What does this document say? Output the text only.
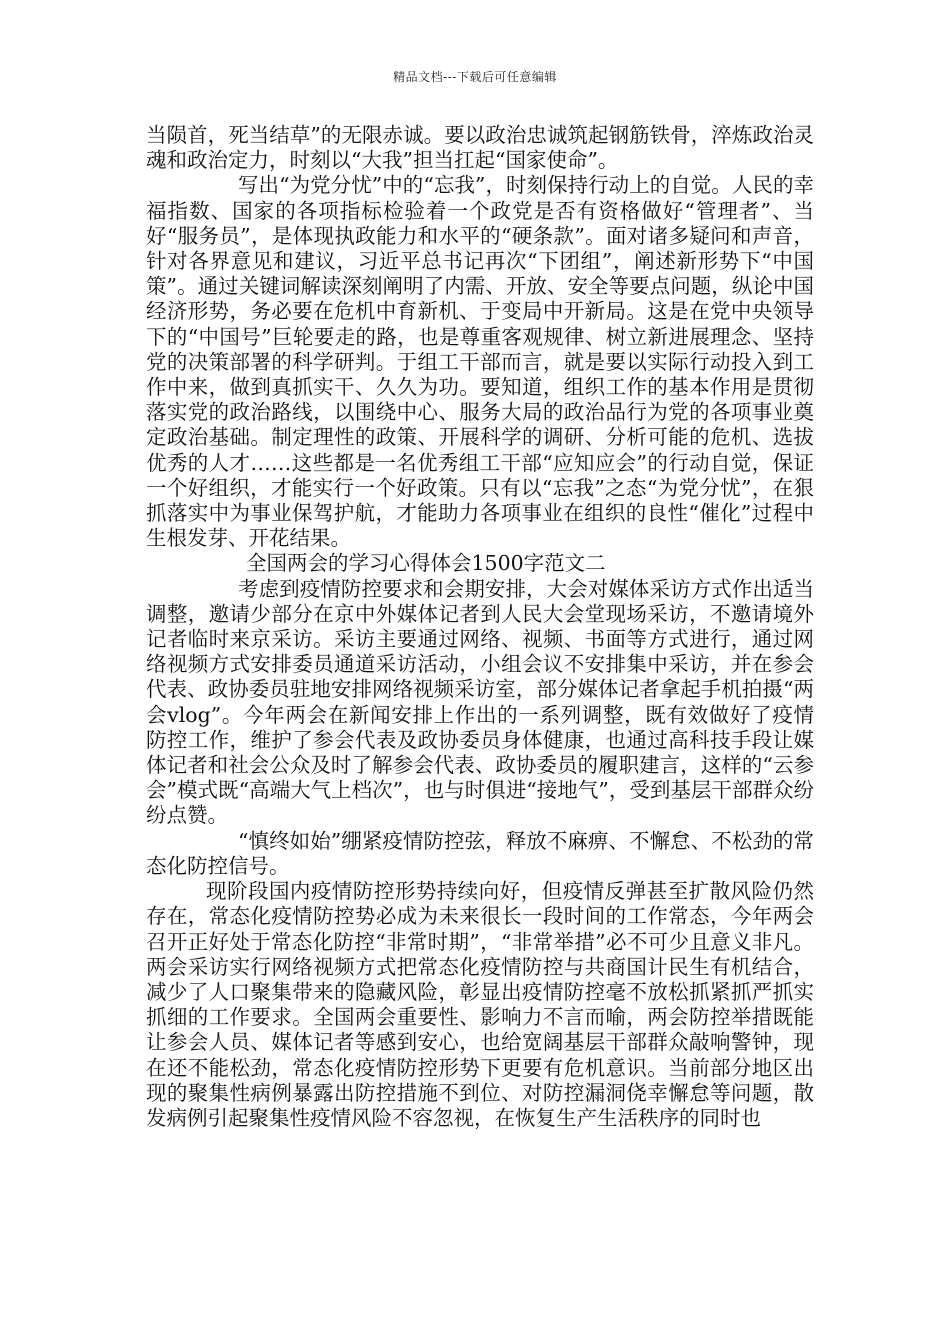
精品文档---下载后可任意编辑

当陨首，死当结草”的无限赤诚。要以政治忠诚筑起钢筋铁骨，淬炼政治灵魂和政治定力，时刻以“大我”担当扛起“国家使命”。

写出“为党分忧”中的“忘我”，时刻保持行动上的自觉。人民的幸福指数、国家的各项指标检验着一个政党是否有资格做好“管理者”、当好“服务员”，是体现执政能力和水平的“硬条款”。面对诸多疑问和声音，针对各界意见和建议，习近平总书记再次“下团组”，阐述新形势下“中国策”。通过关键词解读深刻阐明了内需、开放、安全等要点问题，纵论中国经济形势，务必要在危机中育新机、于变局中开新局。这是在党中央领导下的“中国号”巨轮要走的路，也是尊重客观规律、树立新进展理念、坚持党的决策部署的科学研判。于组工干部而言，就是要以实际行动投入到工作中来，做到真抓实干、久久为功。要知道，组织工作的基本作用是贯彻落实党的政治路线，以围绕中心、服务大局的政治品行为党的各项事业奠定政治基础。制定理性的政策、开展科学的调研、分析可能的危机、选拔优秀的人才……这些都是一名优秀组工干部“应知应会”的行动自觉，保证一个好组织，才能实行一个好政策。只有以“忘我”之态“为党分忧”，在狠抓落实中为事业保驾护航，才能助力各项事业在组织的良性“催化”过程中生根发芽、开花结果。

全国两会的学习心得体会1500字范文二

考虑到疫情防控要求和会期安排，大会对媒体采访方式作出适当调整，邀请少部分在京中外媒体记者到人民大会堂现场采访，不邀请境外记者临时来京采访。采访主要通过网络、视频、书面等方式进行，通过网络视频方式安排委员通道采访活动，小组会议不安排集中采访，并在参会代表、政协委员驻地安排网络视频采访室，部分媒体记者拿起手机拍摄“两会vlog”。今年两会在新闻安排上作出的一系列调整，既有效做好了疫情防控工作，维护了参会代表及政协委员身体健康，也通过高科技手段让媒体记者和社会公众及时了解参会代表、政协委员的履职建言，这样的“云参会”模式既“高端大气上档次”，也与时俱进“接地气”，受到基层干部群众纷纷点赞。

“慎终如始”绷紧疫情防控弦，释放不麻痹、不懈怠、不松劲的常态化防控信号。

现阶段国内疫情防控形势持续向好，但疫情反弹甚至扩散风险仍然存在，常态化疫情防控势必成为未来很长一段时间的工作常态，今年两会召开正好处于常态化防控“非常时期”，“非常举措”必不可少且意义非凡。两会采访实行网络视频方式把常态化疫情防控与共商国计民生有机结合，减少了人口聚集带来的隐藏风险，彰显出疫情防控毫不放松抓紧抓严抓实抓细的工作要求。全国两会重要性、影响力不言而喻，两会防控举措既能让参会人员、媒体记者等感到安心，也给宽阔基层干部群众敲响警钟，现在还不能松劲，常态化疫情防控形势下更要有危机意识。当前部分地区出现的聚集性病例暴露出防控措施不到位、对防控漏洞侥幸懈怠等问题，散发病例引起聚集性疫情风险不容忽视，在恢复生产生活秩序的同时也
